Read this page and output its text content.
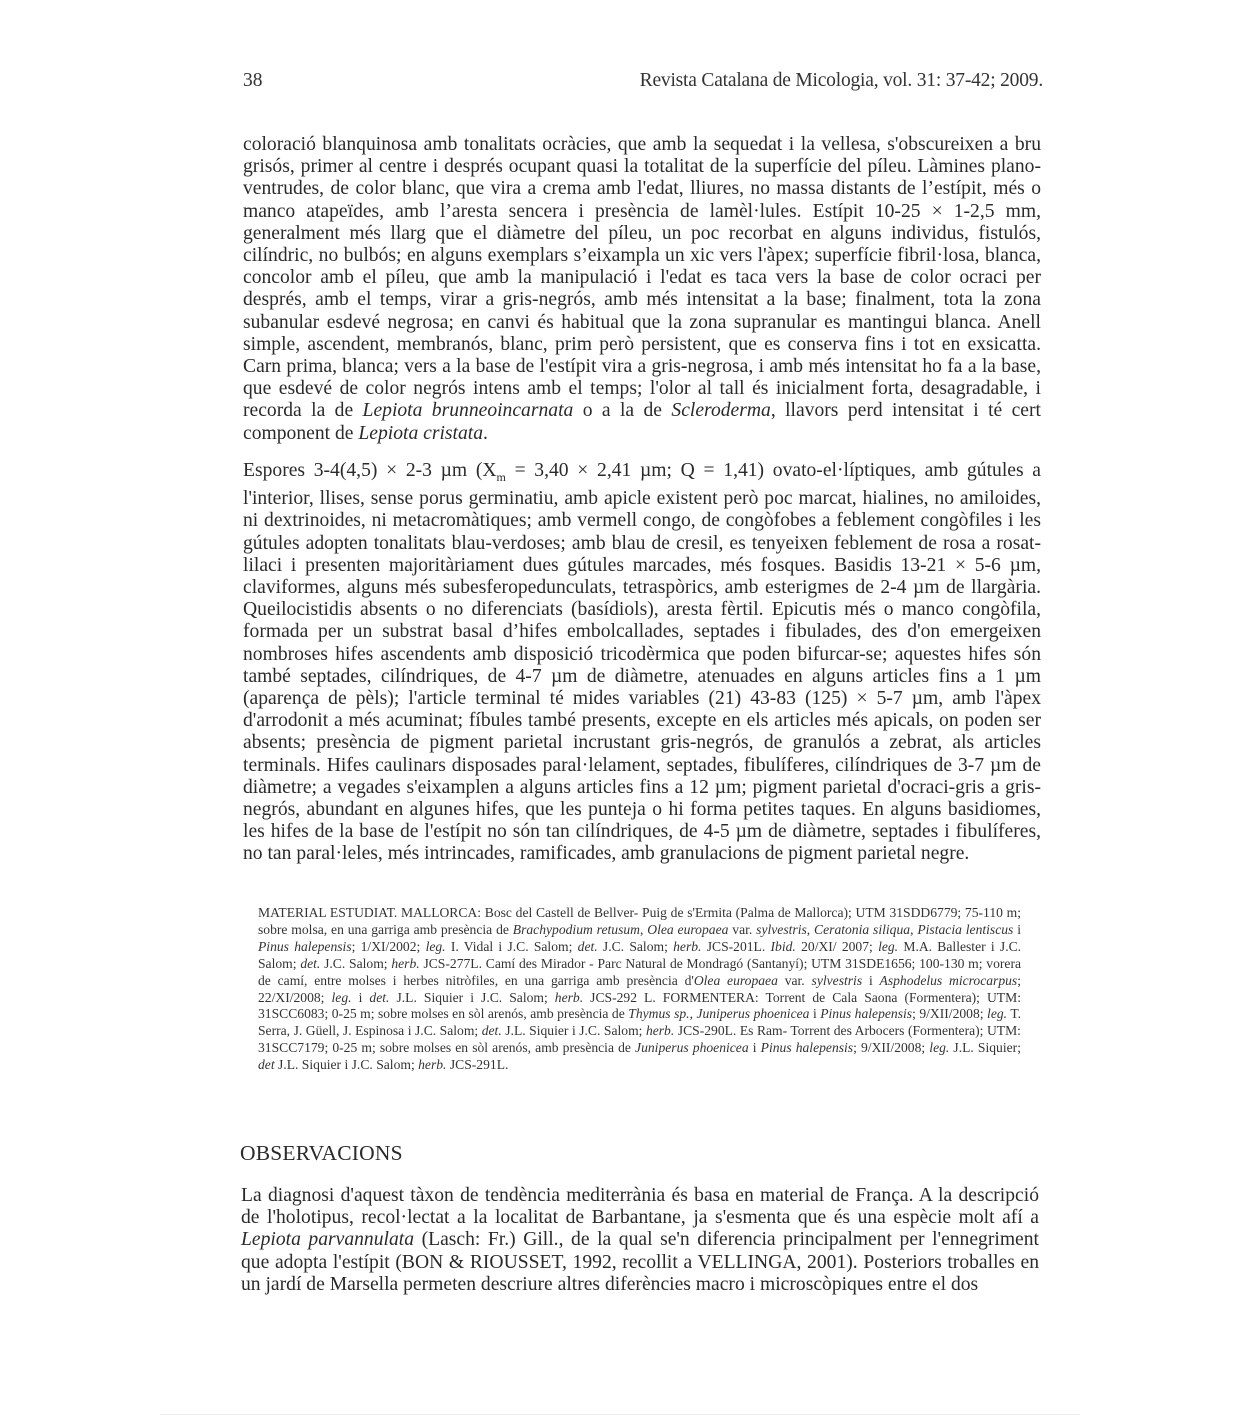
38	Revista Catalana de Micologia, vol. 31: 37-42; 2009.

coloració blanquinosa amb tonalitats ocràcies, que amb la sequedat i la vellesa, s'obscureixen a bru grisós, primer al centre i després ocupant quasi la totalitat de la superfície del píleu. Làmines plano-ventrudes, de color blanc, que vira a crema amb l'edat, lliures, no massa distants de l’estípit, més o manco atapeïdes, amb l’aresta sencera i presència de lamèl·lules. Estípit 10-25 × 1-2,5 mm, generalment més llarg que el diàmetre del píleu, un poc recorbat en alguns individus, fistulós, cilíndric, no bulbós; en alguns exemplars s’eixampla un xic vers l'àpex; superfície fibril·losa, blanca, concolor amb el píleu, que amb la manipulació i l'edat es taca vers la base de color ocraci per després, amb el temps, virar a gris-negrós, amb més intensitat a la base; finalment, tota la zona subanular esdevé negrosa; en canvi és habitual que la zona supranular es mantingui blanca. Anell simple, ascendent, membranós, blanc, prim però persistent, que es conserva fins i tot en exsicatta. Carn prima, blanca; vers a la base de l'estípit vira a gris-negrosa, i amb més intensitat ho fa a la base, que esdevé de color negrós intens amb el temps; l'olor al tall és inicialment forta, desagradable, i recorda la de Lepiota brunneoincarnata o a la de Scleroderma, llavors perd intensitat i té cert component de Lepiota cristata.

Espores 3-4(4,5) × 2-3 µm ($X_m = 3,40 \times 2,41$ µm; Q = 1,41) ovato-el·líptiques, amb gútules a l'interior, llises, sense porus germinatiu, amb apicle existent però poc marcat, hialines, no amiloides, ni dextrinoides, ni metacromàtiques; amb vermell congo, de congòfobes a feblement congòfiles i les gútules adopten tonalitats blau-verdoses; amb blau de cresil, es tenyeixen feblement de rosa a rosat-lilaci i presenten majoritàriament dues gútules marcades, més fosques. Basidis 13-21 × 5-6 µm, claviformes, alguns més subesferopedunculats, tetraspòrics, amb esterigmes de 2-4 µm de llargària. Queilocistidis absents o no diferenciats (basídiols), aresta fèrtil. Epicutis més o manco congòfila, formada per un substrat basal d’hifes embolcallades, septades i fibulades, des d'on emergeixen nombroses hifes ascendents amb disposició tricodèrmica que poden bifurcar-se; aquestes hifes són també septades, cilíndriques, de 4-7 µm de diàmetre, atenuades en alguns articles fins a 1 µm (aparença de pèls); l'article terminal té mides variables (21) 43-83 (125) × 5-7 µm, amb l'àpex d'arrodonit a més acuminat; fíbules també presents, excepte en els articles més apicals, on poden ser absents; presència de pigment parietal incrustant gris-negrós, de granulós a zebrat, als articles terminals. Hifes caulinars disposades paral·lelament, septades, fibulíferes, cilíndriques de 3-7 µm de diàmetre; a vegades s'eixamplen a alguns articles fins a 12 µm; pigment parietal d'ocraci-gris a gris-negrós, abundant en algunes hifes, que les punteja o hi forma petites taques. En alguns basidiomes, les hifes de la base de l'estípit no són tan cilíndriques, de 4-5 µm de diàmetre, septades i fibulíferes, no tan paral·leles, més intrincades, ramificades, amb granulacions de pigment parietal negre.

MATERIAL ESTUDIAT. MALLORCA: Bosc del Castell de Bellver- Puig de s'Ermita (Palma de Mallorca); UTM 31SDD6779; 75-110 m; sobre molsa, en una garriga amb presència de Brachypodium retusum, Olea europaea var. sylvestris, Ceratonia siliqua, Pistacia lentiscus i Pinus halepensis; 1/XI/2002; leg. I. Vidal i J.C. Salom; det. J.C. Salom; herb. JCS-201L. Ibid. 20/XI/ 2007; leg. M.A. Ballester i J.C. Salom; det. J.C. Salom; herb. JCS-277L. Camí des Mirador - Parc Natural de Mondragó (Santanyí); UTM 31SDE1656; 100-130 m; vorera de camí, entre molses i herbes nitròfiles, en una garriga amb presència d'Olea europaea var. sylvestris i Asphodelus microcarpus; 22/XI/2008; leg. i det. J.L. Siquier i J.C. Salom; herb. JCS-292 L. FORMENTERA: Torrent de Cala Saona (Formentera); UTM: 31SCC6083; 0-25 m; sobre molses en sòl arenós, amb presència de Thymus sp., Juniperus phoenicea i Pinus halepensis; 9/XII/2008; leg. T. Serra, J. Güell, J. Espinosa i J.C. Salom; det. J.L. Siquier i J.C. Salom; herb. JCS-290L. Es Ram- Torrent des Arbocers (Formentera); UTM: 31SCC7179; 0-25 m; sobre molses en sòl arenós, amb presència de Juniperus phoenicea i Pinus halepensis; 9/XII/2008; leg. J.L. Siquier; det J.L. Siquier i J.C. Salom; herb. JCS-291L.

OBSERVACIONS

La diagnosi d'aquest tàxon de tendència mediterrània és basa en material de França. A la descripció de l'holotipus, recol·lectat a la localitat de Barbantane, ja s'esmenta que és una espècie molt afí a Lepiota parvannulata (Lasch: Fr.) Gill., de la qual se'n diferencia principalment per l'ennegriment que adopta l'estípit (BON & RIOUSSET, 1992, recollit a VELLINGA, 2001). Posteriors troballes en un jardí de Marsella permeten descriure altres diferències macro i microscòpiques entre el dos
